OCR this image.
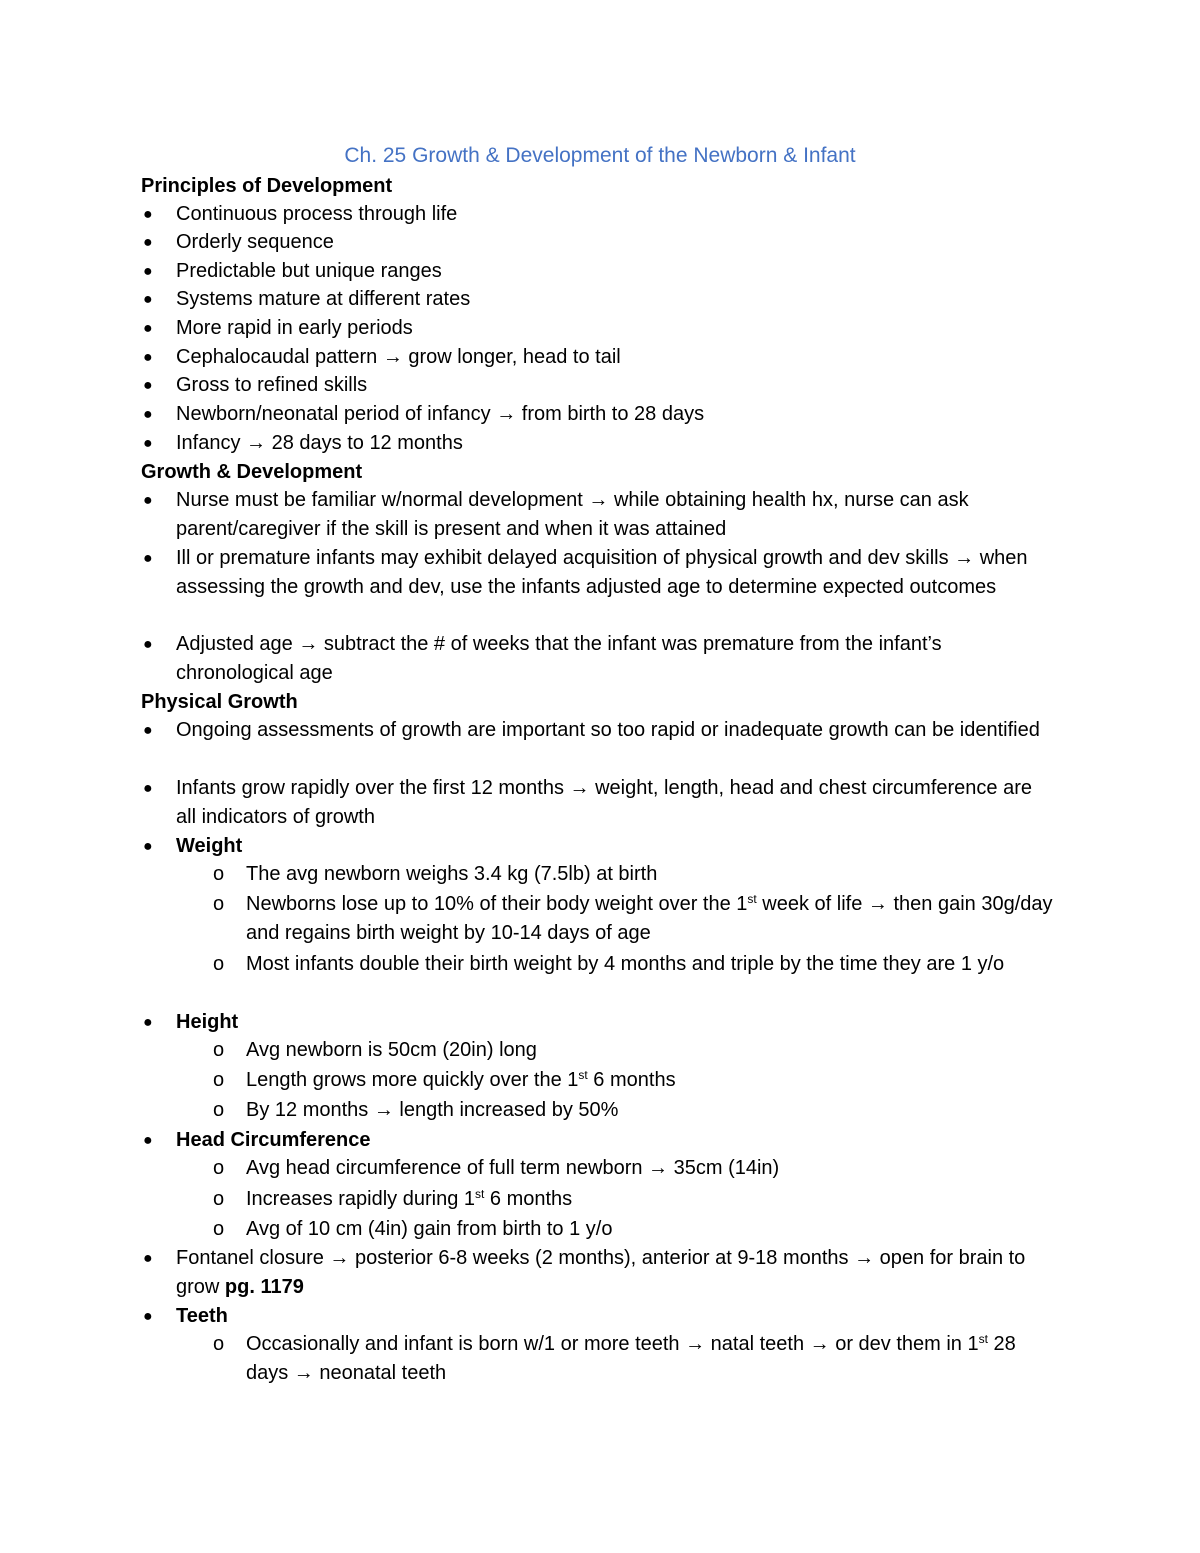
Ch. 25 Growth & Development of the Newborn & Infant
Principles of Development
● Continuous process through life
● Orderly sequence
● Predictable but unique ranges
● Systems mature at different rates
● More rapid in early periods
● Cephalocaudal pattern → grow longer, head to tail
● Gross to refined skills
● Newborn/neonatal period of infancy → from birth to 28 days
● Infancy → 28 days to 12 months
Growth & Development
● Nurse must be familiar w/normal development → while obtaining health hx, nurse can ask parent/caregiver if the skill is present and when it was attained
● Ill or premature infants may exhibit delayed acquisition of physical growth and dev skills → when assessing the growth and dev, use the infants adjusted age to determine expected outcomes
● Adjusted age → subtract the # of weeks that the infant was premature from the infant’s chronological age
Physical Growth
● Ongoing assessments of growth are important so too rapid or inadequate growth can be identified
● Infants grow rapidly over the first 12 months → weight, length, head and chest circumference are all indicators of growth
● Weight
o The avg newborn weighs 3.4 kg (7.5lb) at birth
o Newborns lose up to 10% of their body weight over the 1st week of life → then gain 30g/day and regains birth weight by 10-14 days of age
o Most infants double their birth weight by 4 months and triple by the time they are 1 y/o
● Height
o Avg newborn is 50cm (20in) long
o Length grows more quickly over the 1st 6 months
o By 12 months → length increased by 50%
● Head Circumference
o Avg head circumference of full term newborn → 35cm (14in)
o Increases rapidly during 1st 6 months
o Avg of 10 cm (4in) gain from birth to 1 y/o
● Fontanel closure → posterior 6-8 weeks (2 months), anterior at 9-18 months → open for brain to grow pg. 1179
● Teeth
o Occasionally and infant is born w/1 or more teeth → natal teeth → or dev them in 1st 28 days → neonatal teeth
